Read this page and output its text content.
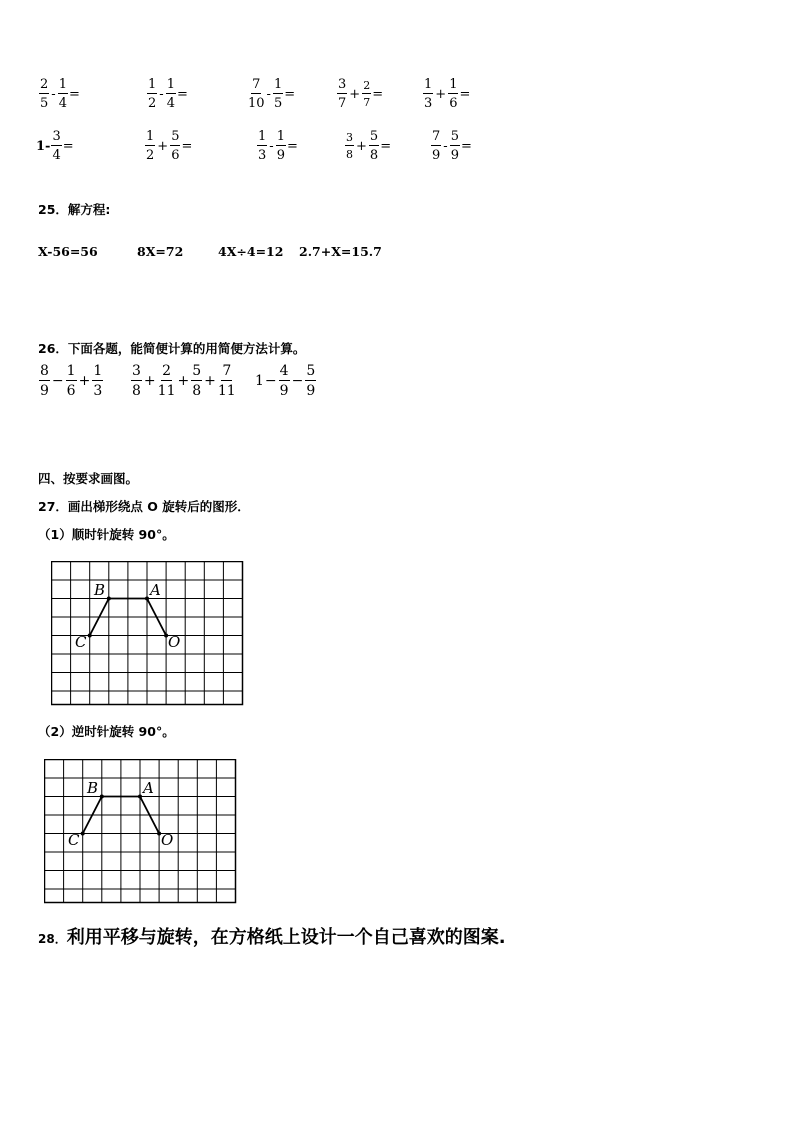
$\frac{2}{5} - \frac{1}{4}$ =	$\frac{1}{2} - \frac{1}{4}$ =	$\frac{7}{10} - \frac{1}{5}$ =	$\frac{3}{7} + \frac{2}{7}$ =	$\frac{1}{3} + \frac{1}{6}$ =
$1- \frac{3}{4}$ =	$\frac{1}{2} + \frac{5}{6}$ =	$\frac{1}{3} - \frac{1}{9}$ =	$\frac{3}{8} + \frac{5}{8}$ =	$\frac{7}{9} - \frac{5}{9}$ =
25．解方程:
X-56=56	8X=72	4X÷4=12 2.7+X=15.7
26．下面各题，能简便计算的用简便方法计算。
$\frac{8}{9} - \frac{1}{6} + \frac{1}{3} \frac{3}{8} + \frac{2}{11} + \frac{5}{8} + \frac{7}{11} 1 - \frac{4}{9} - \frac{5}{9}$
四、按要求画图。
27．画出梯形绕点 O 旋转后的图形．
（1）顺时针旋转 90°。
B	A
C	O
（2）逆时针旋转 90°。
B	A
C	O
28．利用平移与旋转，在方格纸上设计一个自己喜欢的图案.
